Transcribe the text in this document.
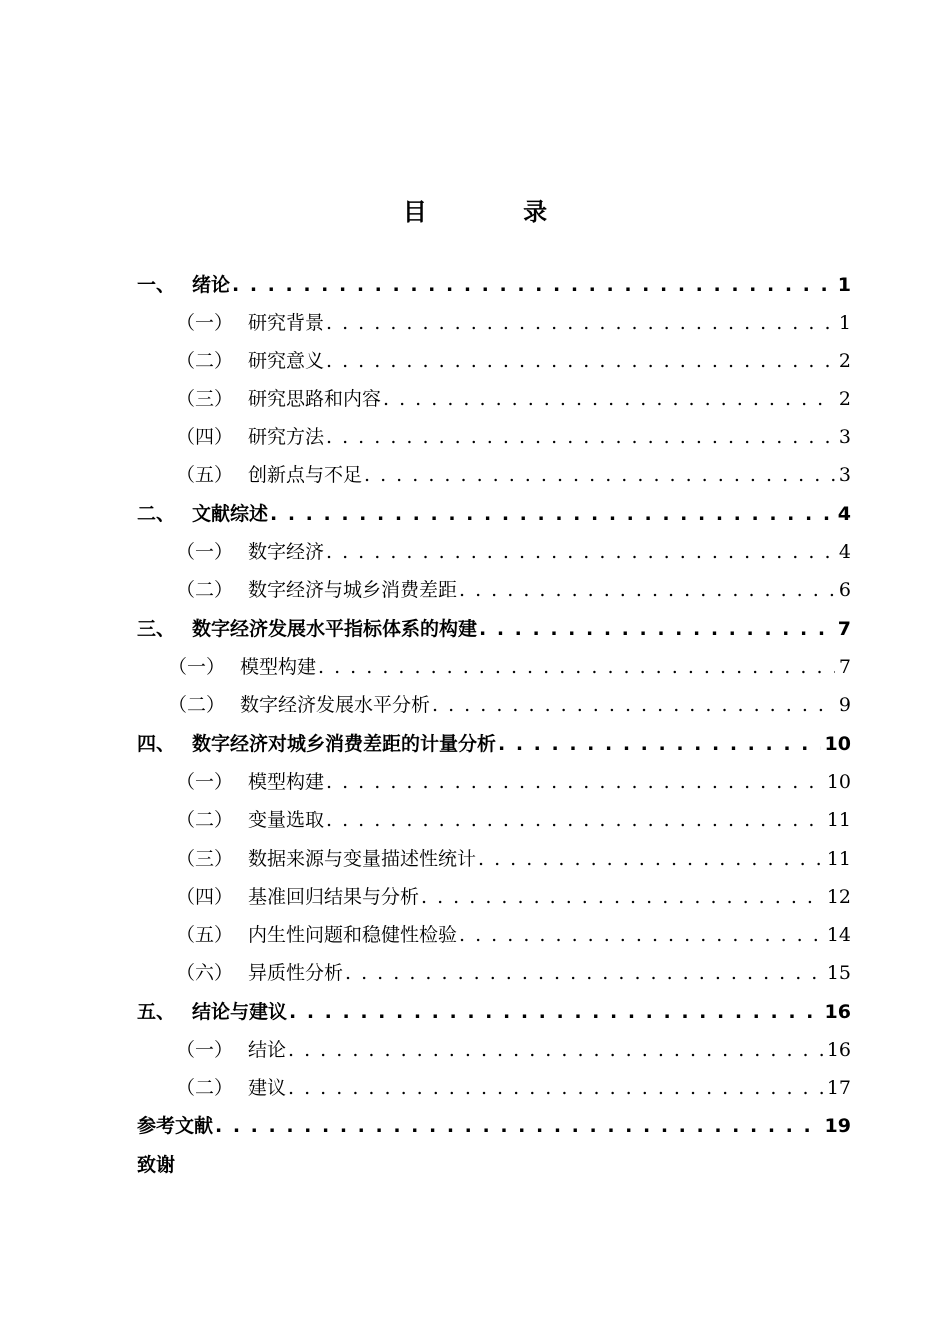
目 录
一、 绪论 . . .	1
（一） 研究背景 . . .	1
（二） 研究意义 . . .	2
（三） 研究思路和内容 . . .	2
（四） 研究方法 . . .	3
（五） 创新点与不足 . . .	3
二、 文献综述 . . .	4
（一） 数字经济 . . .	4
（二） 数字经济与城乡消费差距 . . .	6
三、 数字经济发展水平指标体系的构建 . . .	7
（一） 模型构建 . . .	7
（二） 数字经济发展水平分析 . . .	9
四、 数字经济对城乡消费差距的计量分析 . . .	10
（一） 模型构建 . . .	10
（二） 变量选取 . . .	11
（三） 数据来源与变量描述性统计 . . .	11
（四） 基准回归结果与分析 . . .	12
（五） 内生性问题和稳健性检验 . . .	14
（六） 异质性分析 . . .	15
五、 结论与建议 . . .	16
（一） 结论 . . .	16
（二） 建议 . . .	17
参考文献 . . .	19
致谢
